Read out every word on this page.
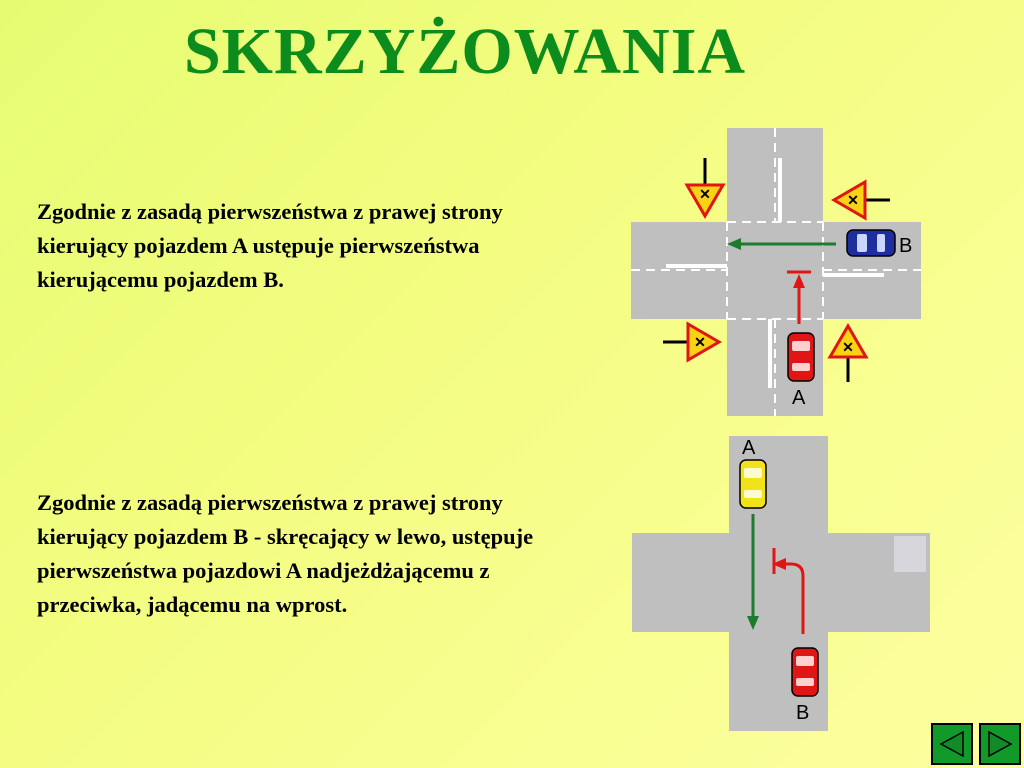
SKRZYŻOWANIA

Zgodnie z zasadą pierwszeństwa z prawej strony kierujący pojazdem A ustępuje pierwszeństwa kierującemu pojazdem B.

Zgodnie z zasadą pierwszeństwa z prawej strony kierujący pojazdem B - skręcający w lewo, ustępuje pierwszeństwa pojazdowi A nadjeżdżającemu z przeciwka, jadącemu na wprost.

✕	✕
✕	✕
B
A
A
B
